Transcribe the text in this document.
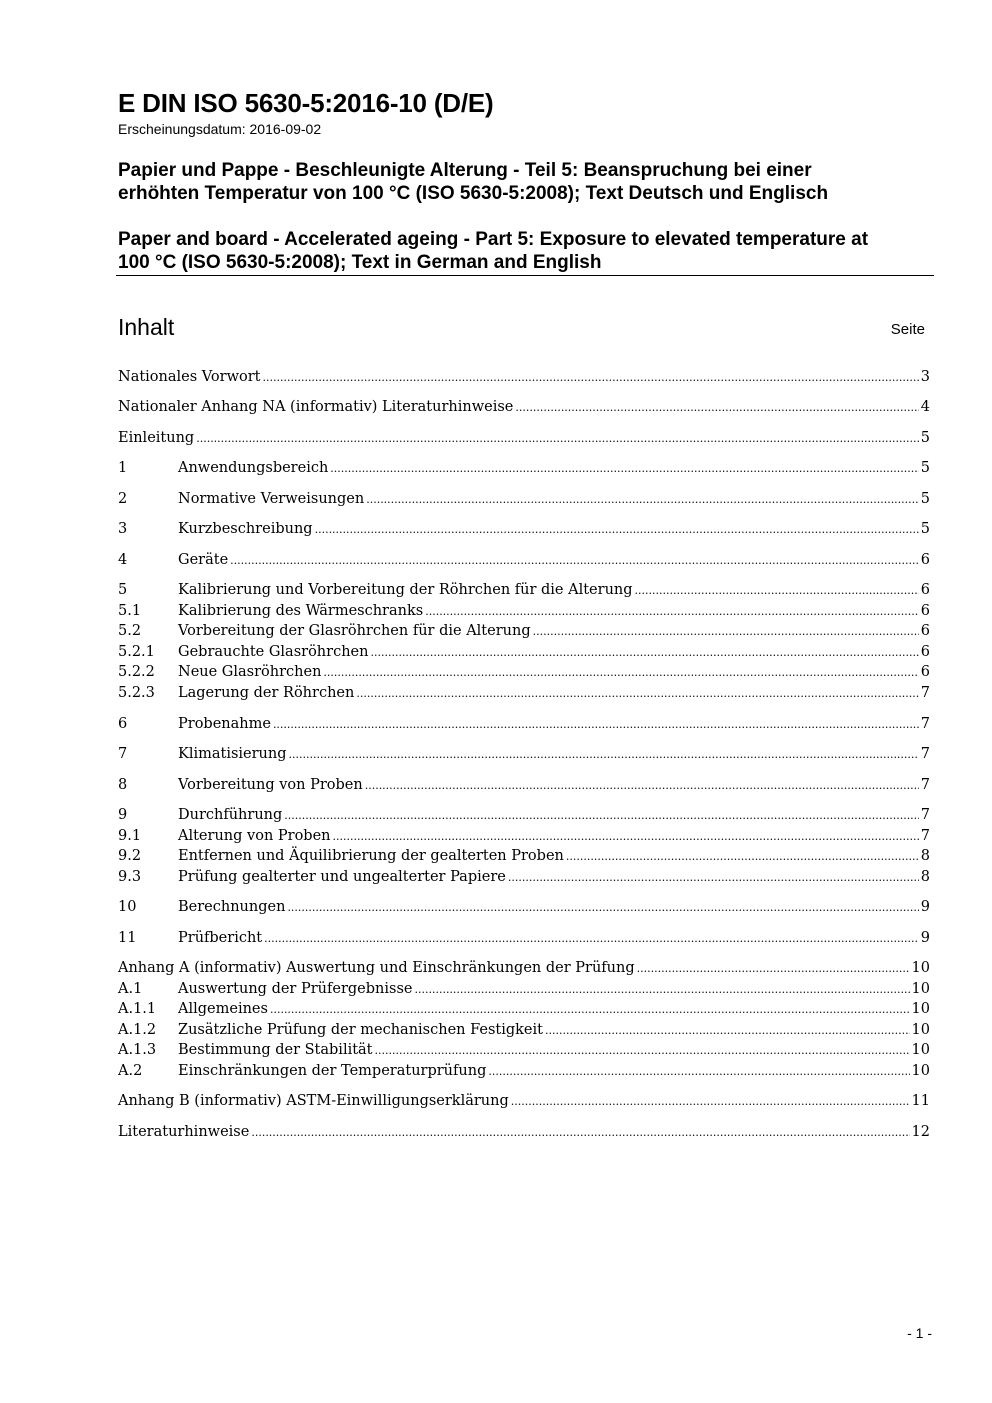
E DIN ISO 5630-5:2016-10 (D/E)
Erscheinungsdatum: 2016-09-02
Papier und Pappe - Beschleunigte Alterung - Teil 5: Beanspruchung bei einer
erhöhten Temperatur von 100 °C (ISO 5630-5:2008); Text Deutsch und Englisch
Paper and board - Accelerated ageing - Part 5: Exposure to elevated temperature at
100 °C (ISO 5630-5:2008); Text in German and English
Inhalt	Seite
Nationales Vorwort .....	3
Nationaler Anhang NA (informativ) Literaturhinweise .....	4
Einleitung .....	5
1	Anwendungsbereich .....	5
2	Normative Verweisungen .....	5
3	Kurzbeschreibung .....	5
4	Geräte .....	6
5	Kalibrierung und Vorbereitung der Röhrchen für die Alterung .....	6
5.1	Kalibrierung des Wärmeschranks .....	6
5.2	Vorbereitung der Glasröhrchen für die Alterung .....	6
5.2.1	Gebrauchte Glasröhrchen .....	6
5.2.2	Neue Glasröhrchen .....	6
5.2.3	Lagerung der Röhrchen .....	7
6	Probenahme .....	7
7	Klimatisierung .....	7
8	Vorbereitung von Proben .....	7
9	Durchführung .....	7
9.1	Alterung von Proben .....	7
9.2	Entfernen und Äquilibrierung der gealterten Proben .....	8
9.3	Prüfung gealterter und ungealterter Papiere .....	8
10	Berechnungen .....	9
11	Prüfbericht .....	9
Anhang A (informativ) Auswertung und Einschränkungen der Prüfung .....	10
A.1	Auswertung der Prüfergebnisse .....	10
A.1.1	Allgemeines .....	10
A.1.2	Zusätzliche Prüfung der mechanischen Festigkeit .....	10
A.1.3	Bestimmung der Stabilität .....	10
A.2	Einschränkungen der Temperaturprüfung .....	10
Anhang B (informativ) ASTM-Einwilligungserklärung .....	11
Literaturhinweise .....	12
- 1 -
